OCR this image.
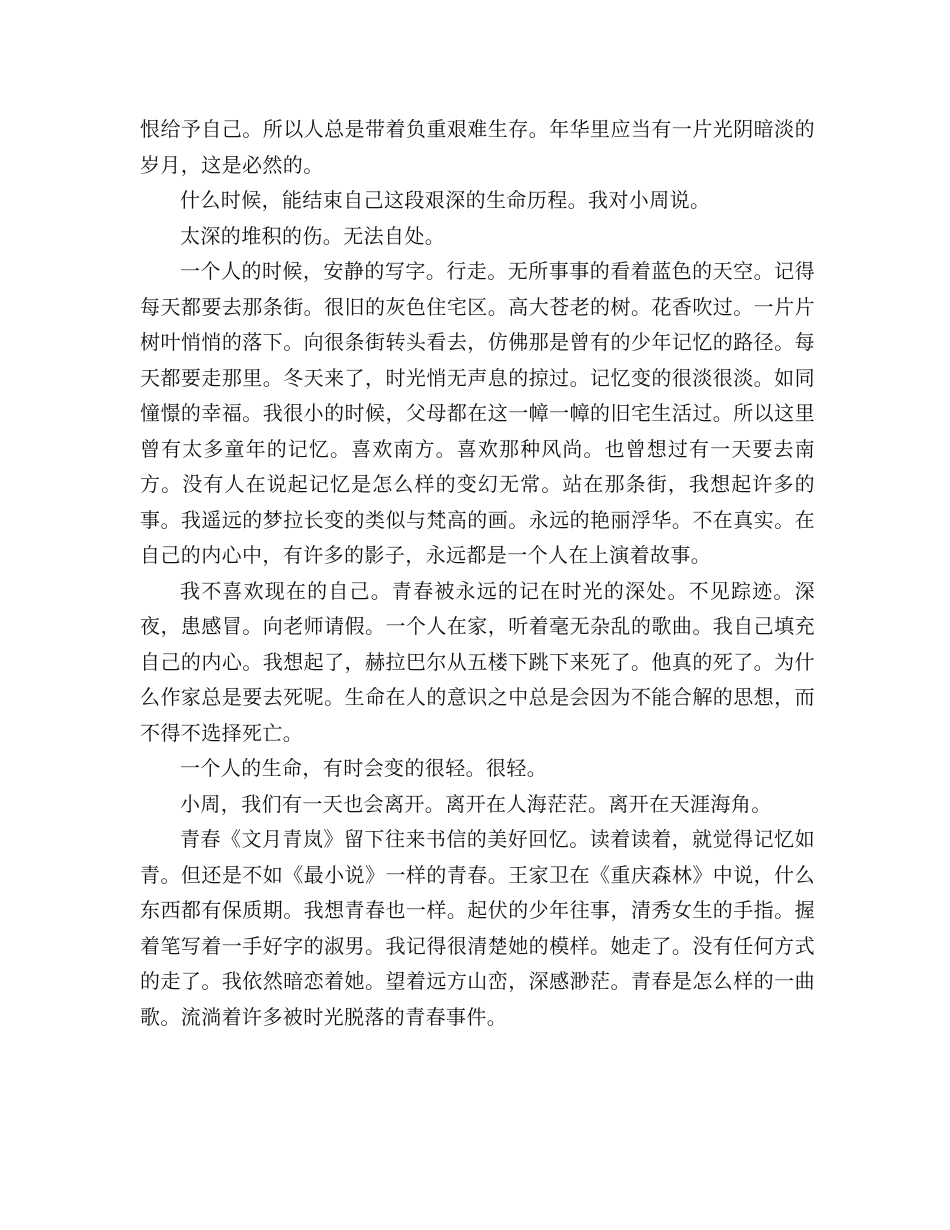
恨给予自己。所以人总是带着负重艰难生存。年华里应当有一片光阴暗淡的岁月，这是必然的。

什么时候，能结束自己这段艰深的生命历程。我对小周说。

太深的堆积的伤。无法自处。

一个人的时候，安静的写字。行走。无所事事的看着蓝色的天空。记得每天都要去那条街。很旧的灰色住宅区。高大苍老的树。花香吹过。一片片树叶悄悄的落下。向很条街转头看去，仿佛那是曾有的少年记忆的路径。每天都要走那里。冬天来了，时光悄无声息的掠过。记忆变的很淡很淡。如同憧憬的幸福。我很小的时候，父母都在这一幛一幛的旧宅生活过。所以这里曾有太多童年的记忆。喜欢南方。喜欢那种风尚。也曾想过有一天要去南方。没有人在说起记忆是怎么样的变幻无常。站在那条街，我想起许多的事。我遥远的梦拉长变的类似与梵高的画。永远的艳丽浮华。不在真实。在自己的内心中，有许多的影子，永远都是一个人在上演着故事。

我不喜欢现在的自己。青春被永远的记在时光的深处。不见踪迹。深夜，患感冒。向老师请假。一个人在家，听着毫无杂乱的歌曲。我自己填充自己的内心。我想起了，赫拉巴尔从五楼下跳下来死了。他真的死了。为什么作家总是要去死呢。生命在人的意识之中总是会因为不能合解的思想，而不得不选择死亡。

一个人的生命，有时会变的很轻。很轻。

小周，我们有一天也会离开。离开在人海茫茫。离开在天涯海角。

青春《文月青岚》留下往来书信的美好回忆。读着读着，就觉得记忆如青。但还是不如《最小说》一样的青春。王家卫在《重庆森林》中说，什么东西都有保质期。我想青春也一样。起伏的少年往事，清秀女生的手指。握着笔写着一手好字的淑男。我记得很清楚她的模样。她走了。没有任何方式的走了。我依然暗恋着她。望着远方山峦，深感渺茫。青春是怎么样的一曲歌。流淌着许多被时光脱落的青春事件。
